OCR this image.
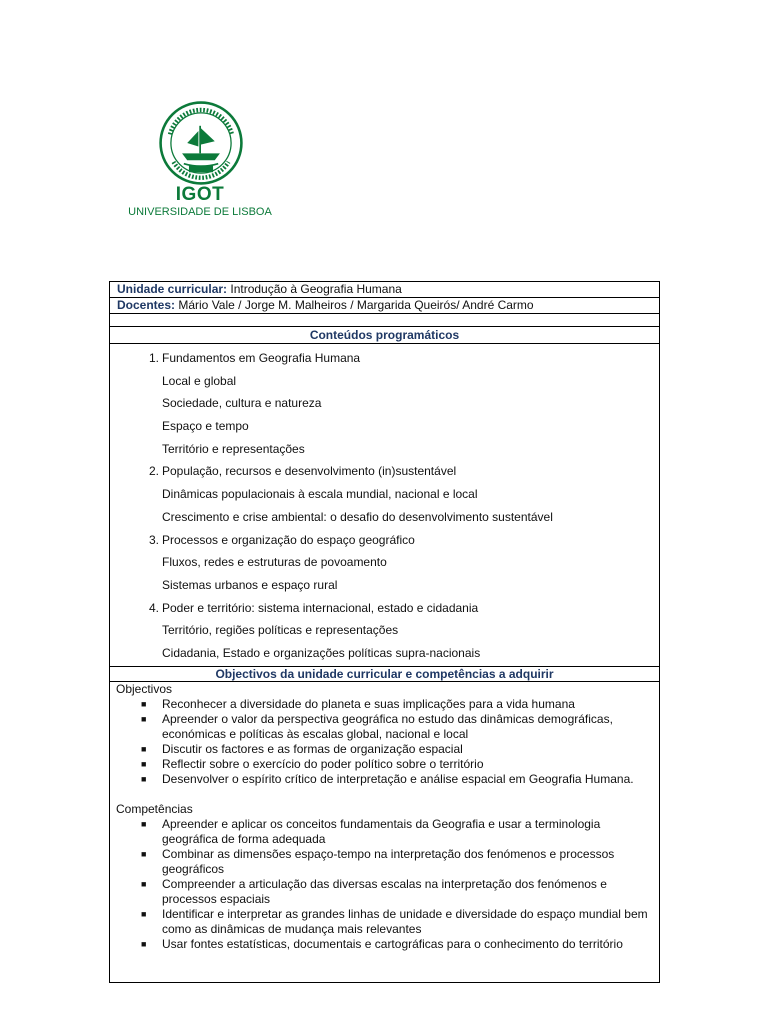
IGOT
UNIVERSIDADE DE LISBOA
Unidade curricular: Introdução à Geografia Humana
Docentes: Mário Vale / Jorge M. Malheiros / Margarida Queirós/ André Carmo
Conteúdos programáticos
1. Fundamentos em Geografia Humana
Local e global
Sociedade, cultura e natureza
Espaço e tempo
Território e representações
2. População, recursos e desenvolvimento (in)sustentável
Dinâmicas populacionais à escala mundial, nacional e local
Crescimento e crise ambiental: o desafio do desenvolvimento sustentável
3. Processos e organização do espaço geográfico
Fluxos, redes e estruturas de povoamento
Sistemas urbanos e espaço rural
4. Poder e território: sistema internacional, estado e cidadania
Território, regiões políticas e representações
Cidadania, Estado e organizações políticas supra-nacionais
Objectivos da unidade curricular e competências a adquirir
Objectivos
■ Reconhecer a diversidade do planeta e suas implicações para a vida humana
■ Apreender o valor da perspectiva geográfica no estudo das dinâmicas demográficas, económicas e políticas às escalas global, nacional e local
■ Discutir os factores e as formas de organização espacial
■ Reflectir sobre o exercício do poder político sobre o território
■ Desenvolver o espírito crítico de interpretação e análise espacial em Geografia Humana.
Competências
■ Apreender e aplicar os conceitos fundamentais da Geografia e usar a terminologia geográfica de forma adequada
■ Combinar as dimensões espaço-tempo na interpretação dos fenómenos e processos geográficos
■ Compreender a articulação das diversas escalas na interpretação dos fenómenos e processos espaciais
■ Identificar e interpretar as grandes linhas de unidade e diversidade do espaço mundial bem como as dinâmicas de mudança mais relevantes
■ Usar fontes estatísticas, documentais e cartográficas para o conhecimento do território
